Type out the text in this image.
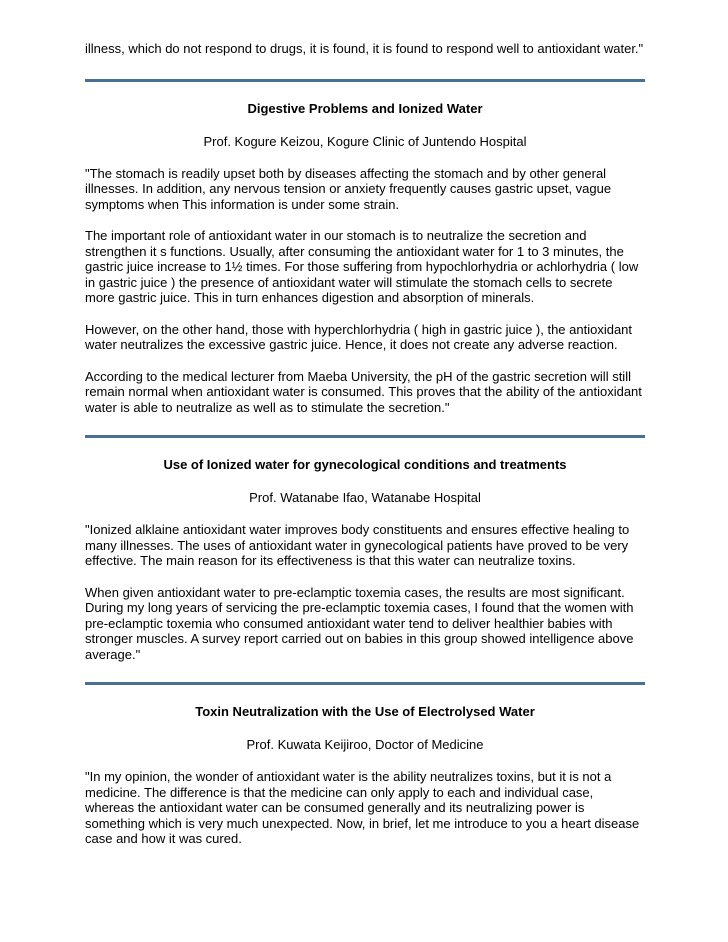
illness, which do not respond to drugs, it is found, it is found to respond well to antioxidant water."

Digestive Problems and Ionized Water
Prof. Kogure Keizou, Kogure Clinic of Juntendo Hospital

"The stomach is readily upset both by diseases affecting the stomach and by other general illnesses. In addition, any nervous tension or anxiety frequently causes gastric upset, vague symptoms when This information is under some strain.

The important role of antioxidant water in our stomach is to neutralize the secretion and strengthen it s functions. Usually, after consuming the antioxidant water for 1 to 3 minutes, the gastric juice increase to 1½ times. For those suffering from hypochlorhydria or achlorhydria ( low in gastric juice ) the presence of antioxidant water will stimulate the stomach cells to secrete more gastric juice. This in turn enhances digestion and absorption of minerals.

However, on the other hand, those with hyperchlorhydria ( high in gastric juice ), the antioxidant water neutralizes the excessive gastric juice. Hence, it does not create any adverse reaction.

According to the medical lecturer from Maeba University, the pH of the gastric secretion will still remain normal when antioxidant water is consumed. This proves that the ability of the antioxidant water is able to neutralize as well as to stimulate the secretion."

Use of Ionized water for gynecological conditions and treatments
Prof. Watanabe Ifao, Watanabe Hospital

"Ionized alklaine antioxidant water improves body constituents and ensures effective healing to many illnesses. The uses of antioxidant water in gynecological patients have proved to be very effective. The main reason for its effectiveness is that this water can neutralize toxins.

When given antioxidant water to pre-eclamptic toxemia cases, the results are most significant. During my long years of servicing the pre-eclamptic toxemia cases, I found that the women with pre-eclamptic toxemia who consumed antioxidant water tend to deliver healthier babies with stronger muscles. A survey report carried out on babies in this group showed intelligence above average."

Toxin Neutralization with the Use of Electrolysed Water
Prof. Kuwata Keijiroo, Doctor of Medicine

"In my opinion, the wonder of antioxidant water is the ability neutralizes toxins, but it is not a medicine. The difference is that the medicine can only apply to each and individual case, whereas the antioxidant water can be consumed generally and its neutralizing power is something which is very much unexpected. Now, in brief, let me introduce to you a heart disease case and how it was cured.
